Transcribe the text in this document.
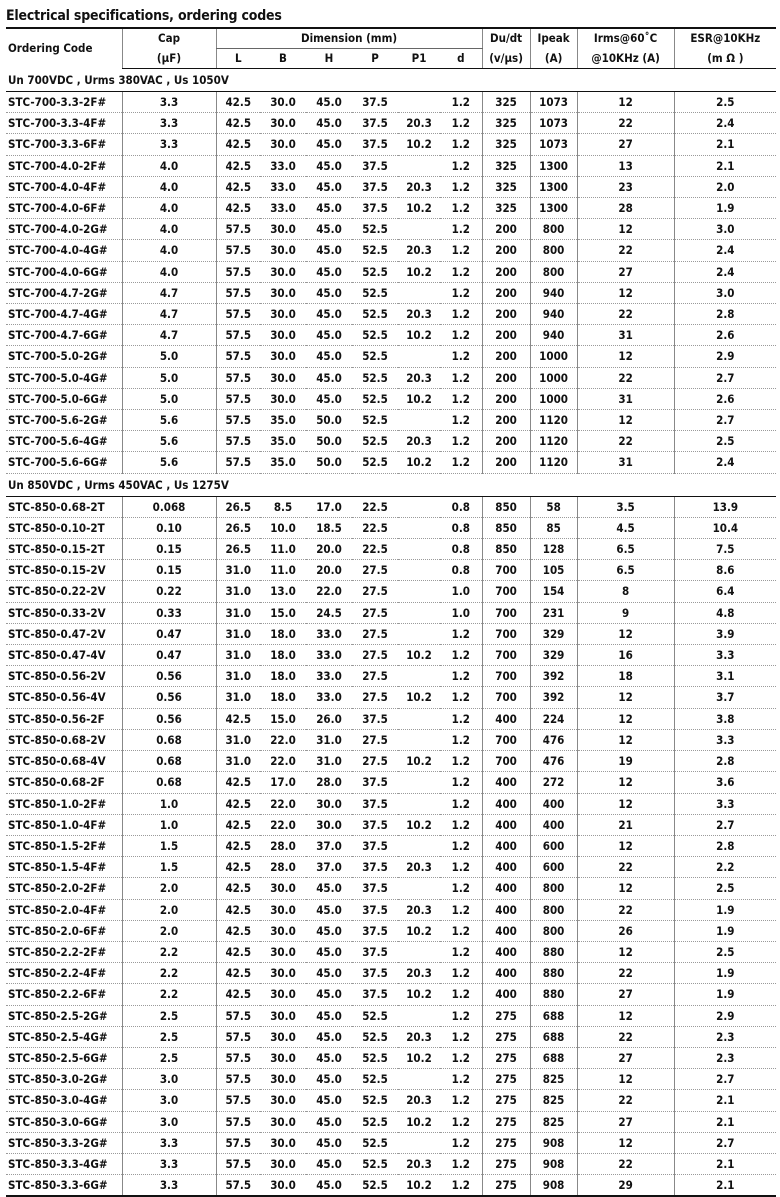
Electrical specifications, ordering codes
Ordering Code	Cap	Dimension (mm)						Du/dt	Ipeak	Irms@60˚C	ESR@10KHz
	(μF)	L	B	H	P	P1	d	(v/μs)	(A)	@10KHz (A)	(m Ω )
Un 700VDC , Urms 380VAC , Us 1050V											
STC-700-3.3-2F#	3.3	42.5	30.0	45.0	37.5		1.2	325	1073	12	2.5
STC-700-3.3-4F#	3.3	42.5	30.0	45.0	37.5	20.3	1.2	325	1073	22	2.4
STC-700-3.3-6F#	3.3	42.5	30.0	45.0	37.5	10.2	1.2	325	1073	27	2.1
STC-700-4.0-2F#	4.0	42.5	33.0	45.0	37.5		1.2	325	1300	13	2.1
STC-700-4.0-4F#	4.0	42.5	33.0	45.0	37.5	20.3	1.2	325	1300	23	2.0
STC-700-4.0-6F#	4.0	42.5	33.0	45.0	37.5	10.2	1.2	325	1300	28	1.9
STC-700-4.0-2G#	4.0	57.5	30.0	45.0	52.5		1.2	200	800	12	3.0
STC-700-4.0-4G#	4.0	57.5	30.0	45.0	52.5	20.3	1.2	200	800	22	2.4
STC-700-4.0-6G#	4.0	57.5	30.0	45.0	52.5	10.2	1.2	200	800	27	2.4
STC-700-4.7-2G#	4.7	57.5	30.0	45.0	52.5		1.2	200	940	12	3.0
STC-700-4.7-4G#	4.7	57.5	30.0	45.0	52.5	20.3	1.2	200	940	22	2.8
STC-700-4.7-6G#	4.7	57.5	30.0	45.0	52.5	10.2	1.2	200	940	31	2.6
STC-700-5.0-2G#	5.0	57.5	30.0	45.0	52.5		1.2	200	1000	12	2.9
STC-700-5.0-4G#	5.0	57.5	30.0	45.0	52.5	20.3	1.2	200	1000	22	2.7
STC-700-5.0-6G#	5.0	57.5	30.0	45.0	52.5	10.2	1.2	200	1000	31	2.6
STC-700-5.6-2G#	5.6	57.5	35.0	50.0	52.5		1.2	200	1120	12	2.7
STC-700-5.6-4G#	5.6	57.5	35.0	50.0	52.5	20.3	1.2	200	1120	22	2.5
STC-700-5.6-6G#	5.6	57.5	35.0	50.0	52.5	10.2	1.2	200	1120	31	2.4
Un 850VDC , Urms 450VAC , Us 1275V											
STC-850-0.68-2T	0.068	26.5	8.5	17.0	22.5		0.8	850	58	3.5	13.9
STC-850-0.10-2T	0.10	26.5	10.0	18.5	22.5		0.8	850	85	4.5	10.4
STC-850-0.15-2T	0.15	26.5	11.0	20.0	22.5		0.8	850	128	6.5	7.5
STC-850-0.15-2V	0.15	31.0	11.0	20.0	27.5		0.8	700	105	6.5	8.6
STC-850-0.22-2V	0.22	31.0	13.0	22.0	27.5		1.0	700	154	8	6.4
STC-850-0.33-2V	0.33	31.0	15.0	24.5	27.5		1.0	700	231	9	4.8
STC-850-0.47-2V	0.47	31.0	18.0	33.0	27.5		1.2	700	329	12	3.9
STC-850-0.47-4V	0.47	31.0	18.0	33.0	27.5	10.2	1.2	700	329	16	3.3
STC-850-0.56-2V	0.56	31.0	18.0	33.0	27.5		1.2	700	392	18	3.1
STC-850-0.56-4V	0.56	31.0	18.0	33.0	27.5	10.2	1.2	700	392	12	3.7
STC-850-0.56-2F	0.56	42.5	15.0	26.0	37.5		1.2	400	224	12	3.8
STC-850-0.68-2V	0.68	31.0	22.0	31.0	27.5		1.2	700	476	12	3.3
STC-850-0.68-4V	0.68	31.0	22.0	31.0	27.5	10.2	1.2	700	476	19	2.8
STC-850-0.68-2F	0.68	42.5	17.0	28.0	37.5		1.2	400	272	12	3.6
STC-850-1.0-2F#	1.0	42.5	22.0	30.0	37.5		1.2	400	400	12	3.3
STC-850-1.0-4F#	1.0	42.5	22.0	30.0	37.5	10.2	1.2	400	400	21	2.7
STC-850-1.5-2F#	1.5	42.5	28.0	37.0	37.5		1.2	400	600	12	2.8
STC-850-1.5-4F#	1.5	42.5	28.0	37.0	37.5	20.3	1.2	400	600	22	2.2
STC-850-2.0-2F#	2.0	42.5	30.0	45.0	37.5		1.2	400	800	12	2.5
STC-850-2.0-4F#	2.0	42.5	30.0	45.0	37.5	20.3	1.2	400	800	22	1.9
STC-850-2.0-6F#	2.0	42.5	30.0	45.0	37.5	10.2	1.2	400	800	26	1.9
STC-850-2.2-2F#	2.2	42.5	30.0	45.0	37.5		1.2	400	880	12	2.5
STC-850-2.2-4F#	2.2	42.5	30.0	45.0	37.5	20.3	1.2	400	880	22	1.9
STC-850-2.2-6F#	2.2	42.5	30.0	45.0	37.5	10.2	1.2	400	880	27	1.9
STC-850-2.5-2G#	2.5	57.5	30.0	45.0	52.5		1.2	275	688	12	2.9
STC-850-2.5-4G#	2.5	57.5	30.0	45.0	52.5	20.3	1.2	275	688	22	2.3
STC-850-2.5-6G#	2.5	57.5	30.0	45.0	52.5	10.2	1.2	275	688	27	2.3
STC-850-3.0-2G#	3.0	57.5	30.0	45.0	52.5		1.2	275	825	12	2.7
STC-850-3.0-4G#	3.0	57.5	30.0	45.0	52.5	20.3	1.2	275	825	22	2.1
STC-850-3.0-6G#	3.0	57.5	30.0	45.0	52.5	10.2	1.2	275	825	27	2.1
STC-850-3.3-2G#	3.3	57.5	30.0	45.0	52.5		1.2	275	908	12	2.7
STC-850-3.3-4G#	3.3	57.5	30.0	45.0	52.5	20.3	1.2	275	908	22	2.1
STC-850-3.3-6G#	3.3	57.5	30.0	45.0	52.5	10.2	1.2	275	908	29	2.1
